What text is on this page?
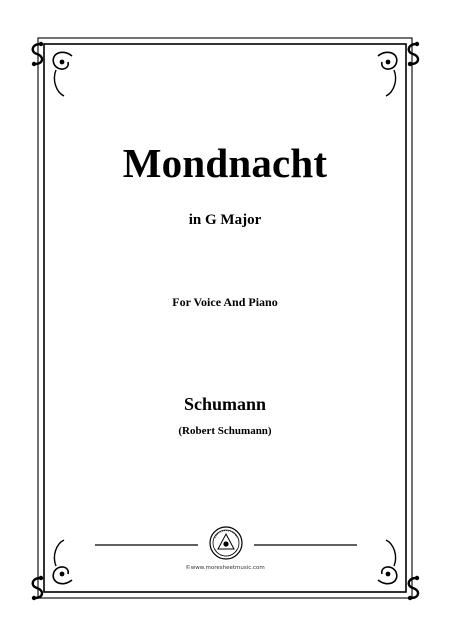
Mondnacht
in G Major
For Voice And Piano
Schumann
(Robert Schumann)
©www.moresheetmusic.com
